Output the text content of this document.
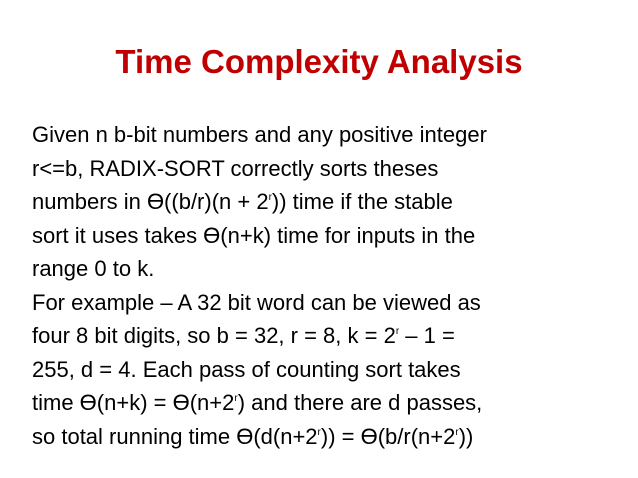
Time Complexity Analysis

Given n b-bit numbers and any positive integer
r<=b, RADIX-SORT correctly sorts theses
numbers in $Ө((b/r)(n + 2^r))$ time if the stable
sort it uses takes Ө(n+k) time for inputs in the
range 0 to k.

For example – A 32 bit word can be viewed as
four 8 bit digits, so b = 32, r = 8, $k = 2^r - 1$ =
255, d = 4. Each pass of counting sort takes
time $Ө(n+k) = Ө(n+2^r)$ and there are d passes,
so total running time $Ө(d(n+2^r)) = Ө(b/r(n+2^r))$
